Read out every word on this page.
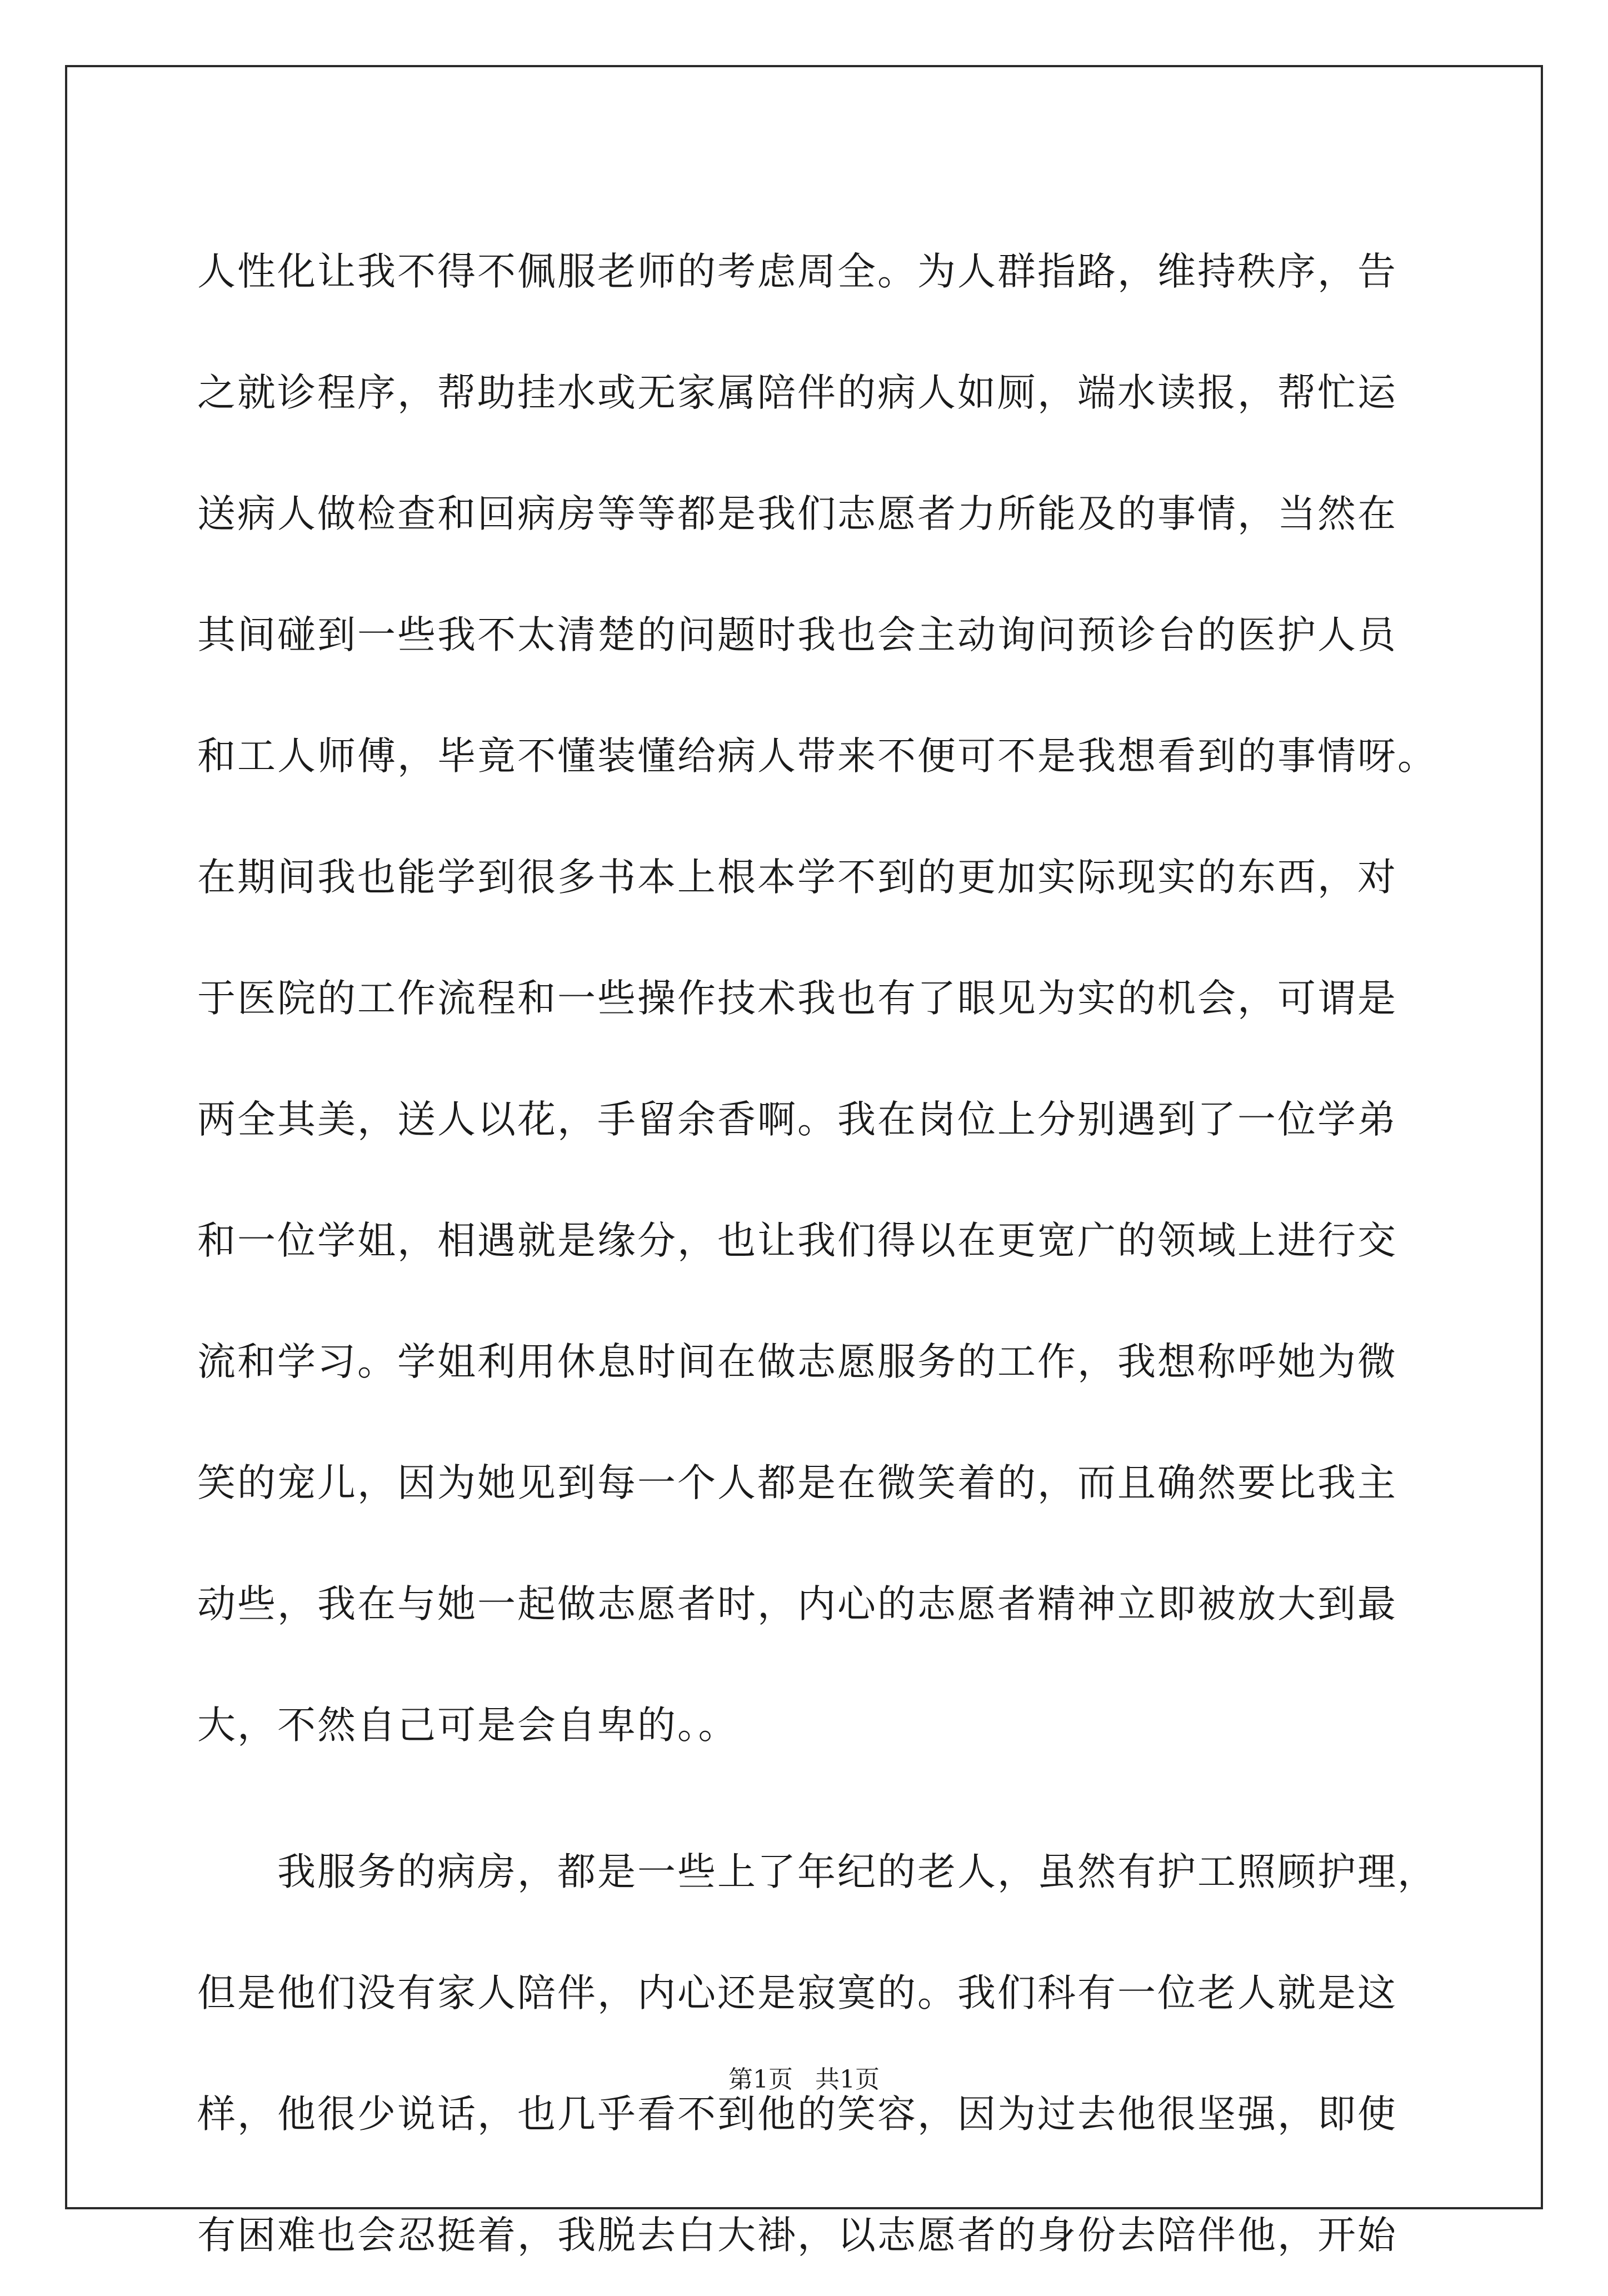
人性化让我不得不佩服老师的考虑周全。为人群指路，维持秩序，告
之就诊程序，帮助挂水或无家属陪伴的病人如厕，端水读报，帮忙运
送病人做检查和回病房等等都是我们志愿者力所能及的事情，当然在
其间碰到一些我不太清楚的问题时我也会主动询问预诊台的医护人员
和工人师傅，毕竟不懂装懂给病人带来不便可不是我想看到的事情呀。
在期间我也能学到很多书本上根本学不到的更加实际现实的东西，对
于医院的工作流程和一些操作技术我也有了眼见为实的机会，可谓是
两全其美，送人以花，手留余香啊。我在岗位上分别遇到了一位学弟
和一位学姐，相遇就是缘分，也让我们得以在更宽广的领域上进行交
流和学习。学姐利用休息时间在做志愿服务的工作，我想称呼她为微
笑的宠儿，因为她见到每一个人都是在微笑着的，而且确然要比我主
动些，我在与她一起做志愿者时，内心的志愿者精神立即被放大到最
大，不然自己可是会自卑的。。
　　我服务的病房，都是一些上了年纪的老人，虽然有护工照顾护理，
但是他们没有家人陪伴，内心还是寂寞的。我们科有一位老人就是这
样，他很少说话，也几乎看不到他的笑容，因为过去他很坚强，即使
有困难也会忍挺着，我脱去白大褂，以志愿者的身份去陪伴他，开始
第1页 共1页
